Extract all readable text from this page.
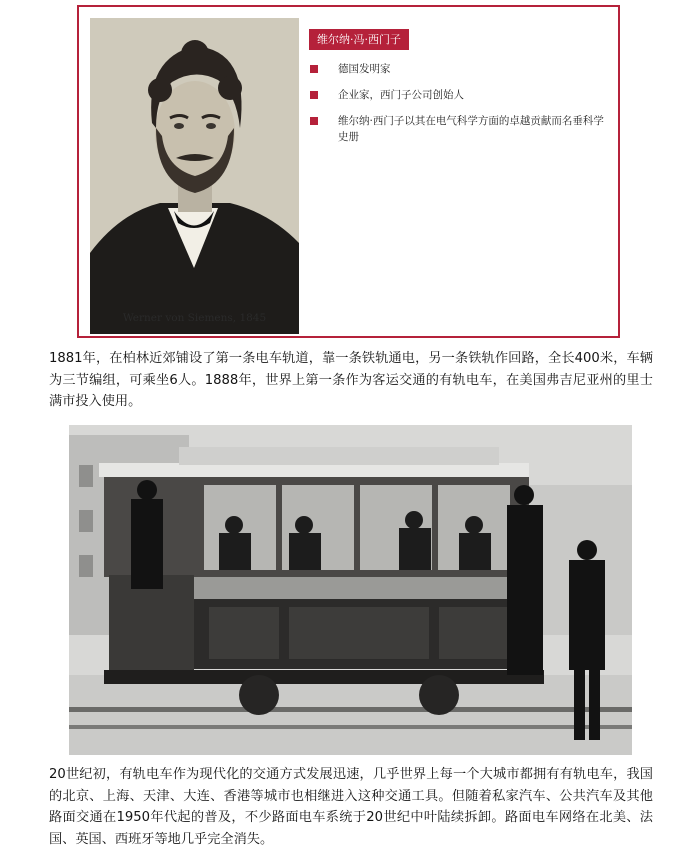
Werner von Siemens, 1845
维尔纳·冯·西门子
德国发明家
企业家，西门子公司创始人
维尔纳·西门子以其在电气科学方面的卓越贡献而名垂科学史册

1881年，在柏林近郊铺设了第一条电车轨道，靠一条铁轨通电，另一条铁轨作回路，全长400米，车辆为三节编组，可乘坐6人。1888年，世界上第一条作为客运交通的有轨电车，在美国弗吉尼亚州的里士满市投入使用。

20世纪初，有轨电车作为现代化的交通方式发展迅速，几乎世界上每一个大城市都拥有有轨电车，我国的北京、上海、天津、大连、香港等城市也相继进入这种交通工具。但随着私家汽车、公共汽车及其他路面交通在1950年代起的普及，不少路面电车系统于20世纪中叶陆续拆卸。路面电车网络在北美、法国、英国、西班牙等地几乎完全消失。
